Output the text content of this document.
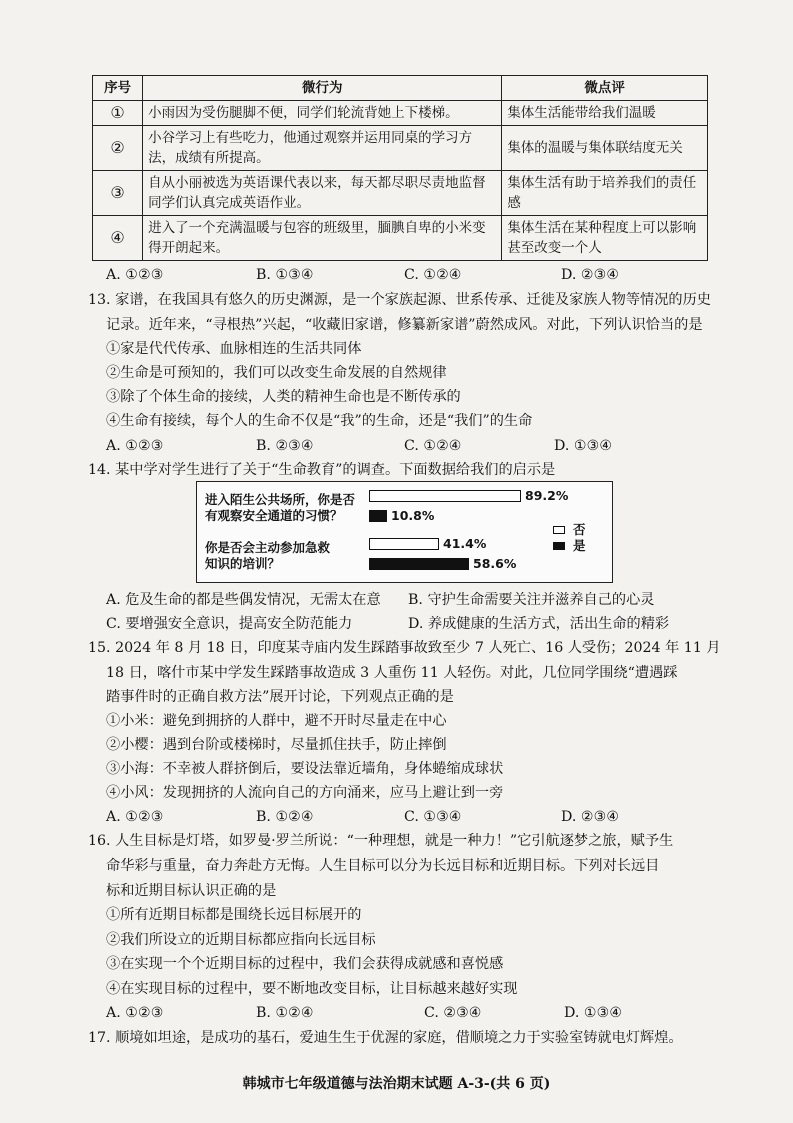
序号	微行为	微点评
①	小雨因为受伤腿脚不便，同学们轮流背她上下楼梯。	集体生活能带给我们温暖
②	小谷学习上有些吃力，他通过观察并运用同桌的学习方法，成绩有所提高。	集体的温暖与集体联结度无关
③	自从小丽被选为英语课代表以来，每天都尽职尽责地监督同学们认真完成英语作业。	集体生活有助于培养我们的责任感
④	进入了一个充满温暖与包容的班级里，腼腆自卑的小米变得开朗起来。	集体生活在某种程度上可以影响甚至改变一个人
A. ①②③	B. ①③④	C. ①②④	D. ②③④
13. 家谱，在我国具有悠久的历史渊源，是一个家族起源、世系传承、迁徙及家族人物等情况的历史
记录。近年来，“寻根热”兴起，“收藏旧家谱，修纂新家谱”蔚然成风。对此，下列认识恰当的是
①家是代代传承、血脉相连的生活共同体
②生命是可预知的，我们可以改变生命发展的自然规律
③除了个体生命的接续，人类的精神生命也是不断传承的
④生命有接续，每个人的生命不仅是“我”的生命，还是“我们”的生命
A. ①②③	B. ②③④	C. ①②④	D. ①③④
14. 某中学对学生进行了关于“生命教育”的调查。下面数据给我们的启示是
进入陌生公共场所，你是否
有观察安全通道的习惯？
你是否会主动参加急救
知识的培训？
89.2%
10.8%
41.4%
58.6%
否
是
A. 危及生命的都是些偶发情况，无需太在意 B. 守护生命需要关注并滋养自己的心灵
C. 要增强安全意识，提高安全防范能力	D. 养成健康的生活方式，活出生命的精彩
15. 2024 年 8 月 18 日，印度某寺庙内发生踩踏事故致至少 7 人死亡、16 人受伤；2024 年 11 月
18 日，喀什市某中学发生踩踏事故造成 3 人重伤 11 人轻伤。对此，几位同学围绕“遭遇踩
踏事件时的正确自救方法”展开讨论，下列观点正确的是
①小米：避免到拥挤的人群中，避不开时尽量走在中心
②小樱：遇到台阶或楼梯时，尽量抓住扶手，防止摔倒
③小海：不幸被人群挤倒后，要设法靠近墙角，身体蜷缩成球状
④小风：发现拥挤的人流向自己的方向涌来，应马上避让到一旁
A. ①②③	B. ①②④	C. ①③④	D. ②③④
16. 人生目标是灯塔，如罗曼·罗兰所说：“一种理想，就是一种力！”它引航逐梦之旅，赋予生
命华彩与重量，奋力奔赴方无悔。人生目标可以分为长远目标和近期目标。下列对长远目
标和近期目标认识正确的是
①所有近期目标都是围绕长远目标展开的
②我们所设立的近期目标都应指向长远目标
③在实现一个个近期目标的过程中，我们会获得成就感和喜悦感
④在实现目标的过程中，要不断地改变目标，让目标越来越好实现
A. ①②③	B. ①②④	C. ②③④	D. ①③④
17. 顺境如坦途，是成功的基石，爱迪生生于优渥的家庭，借顺境之力于实验室铸就电灯辉煌。
韩城市七年级道德与法治期末试题 A-3-(共 6 页)
